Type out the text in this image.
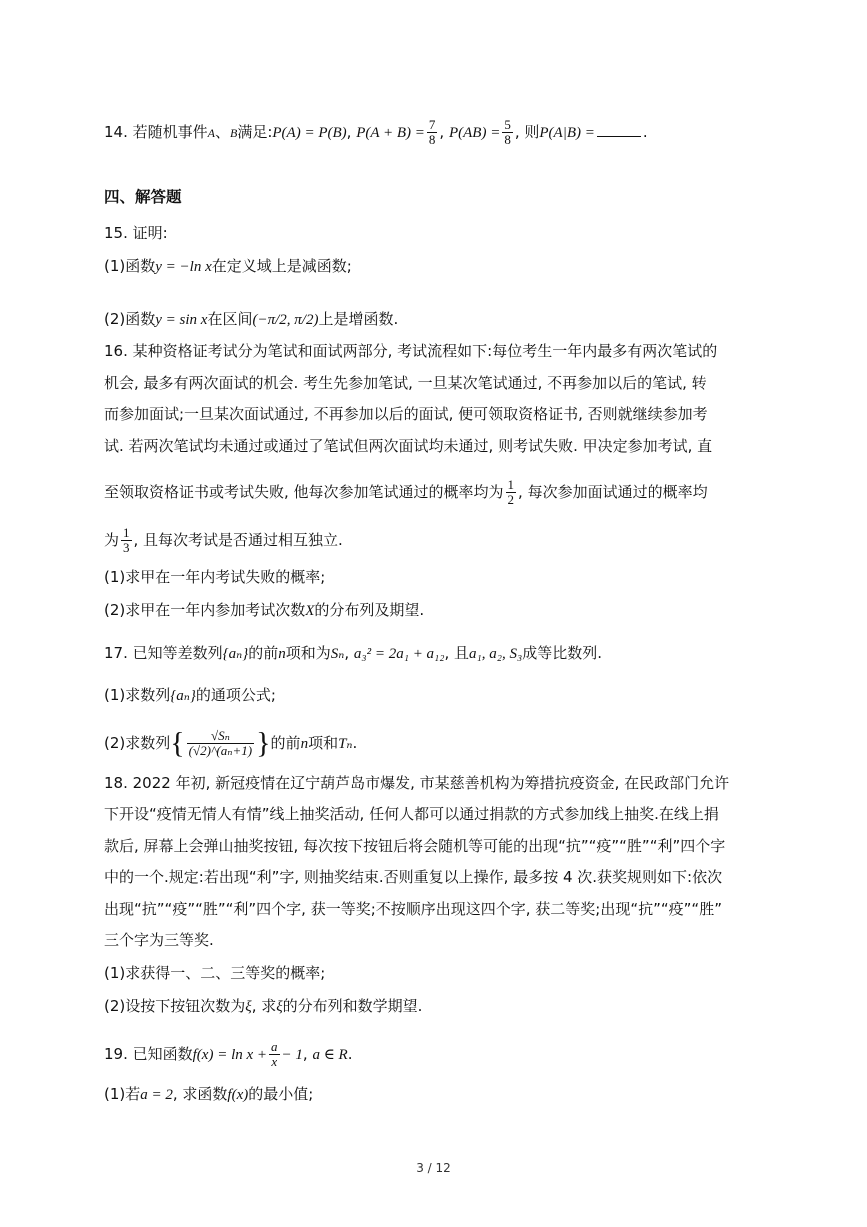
14. 若随机事件A、B满足:P(A) = P(B), $P(A + B) = \frac{7}{8}$ , $P(AB) = \frac{5}{8}$ , 则P(A|B) =	.
四、解答题
15. 证明:
(1)函数y = −ln x在定义域上是减函数;
(2)函数y = sin x在区间(−π/2, π/2)上是增函数.
16. 某种资格证考试分为笔试和面试两部分, 考试流程如下:每位考生一年内最多有两次笔试的
机会, 最多有两次面试的机会. 考生先参加笔试, 一旦某次笔试通过, 不再参加以后的笔试, 转
而参加面试;一旦某次面试通过, 不再参加以后的面试, 便可领取资格证书, 否则就继续参加考
试. 若两次笔试均未通过或通过了笔试但两次面试均未通过, 则考试失败. 甲决定参加考试, 直
至领取资格证书或考试失败, 他每次参加笔试通过的概率均为 $\frac{1}{2}$ , 每次参加面试通过的概率均
为 $\frac{1}{3}$ , 且每次考试是否通过相互独立.
(1)求甲在一年内考试失败的概率;
(2)求甲在一年内参加考试次数X的分布列及期望.
17. 已知等差数列{aₙ}的前n项和为Sₙ, a₃² = 2a₁ + a₁₂, 且a₁, a₂, S₃成等比数列.
(1)求数列{aₙ}的通项公式;
(2)求数列{ $\frac{\text{√Sₙ}}{\text{(√2)\textasciicircum{}(aₙ+1)}}$ }的前n项和Tₙ.
18. 2022 年初, 新冠疫情在辽宁葫芦岛市爆发, 市某慈善机构为筹措抗疫资金, 在民政部门允许
下开设“疫情无情人有情”线上抽奖活动, 任何人都可以通过捐款的方式参加线上抽奖.在线上捐
款后, 屏幕上会弹山抽奖按钮, 每次按下按钮后将会随机等可能的出现“抗”“疫”“胜”“利”四个字
中的一个.规定:若出现“利”字, 则抽奖结束.否则重复以上操作, 最多按 4 次.获奖规则如下:依次
出现“抗”“疫”“胜”“利”四个字, 获一等奖;不按顺序出现这四个字, 获二等奖;出现“抗”“疫”“胜”
三个字为三等奖.
(1)求获得一、二、三等奖的概率;
(2)设按下按钮次数为ξ, 求ξ的分布列和数学期望.
19. 已知函数$f(x) = \ln x + \frac{a}{x} - 1$, a ∈ R.
(1)若a = 2, 求函数f(x)的最小值;
3 / 12
